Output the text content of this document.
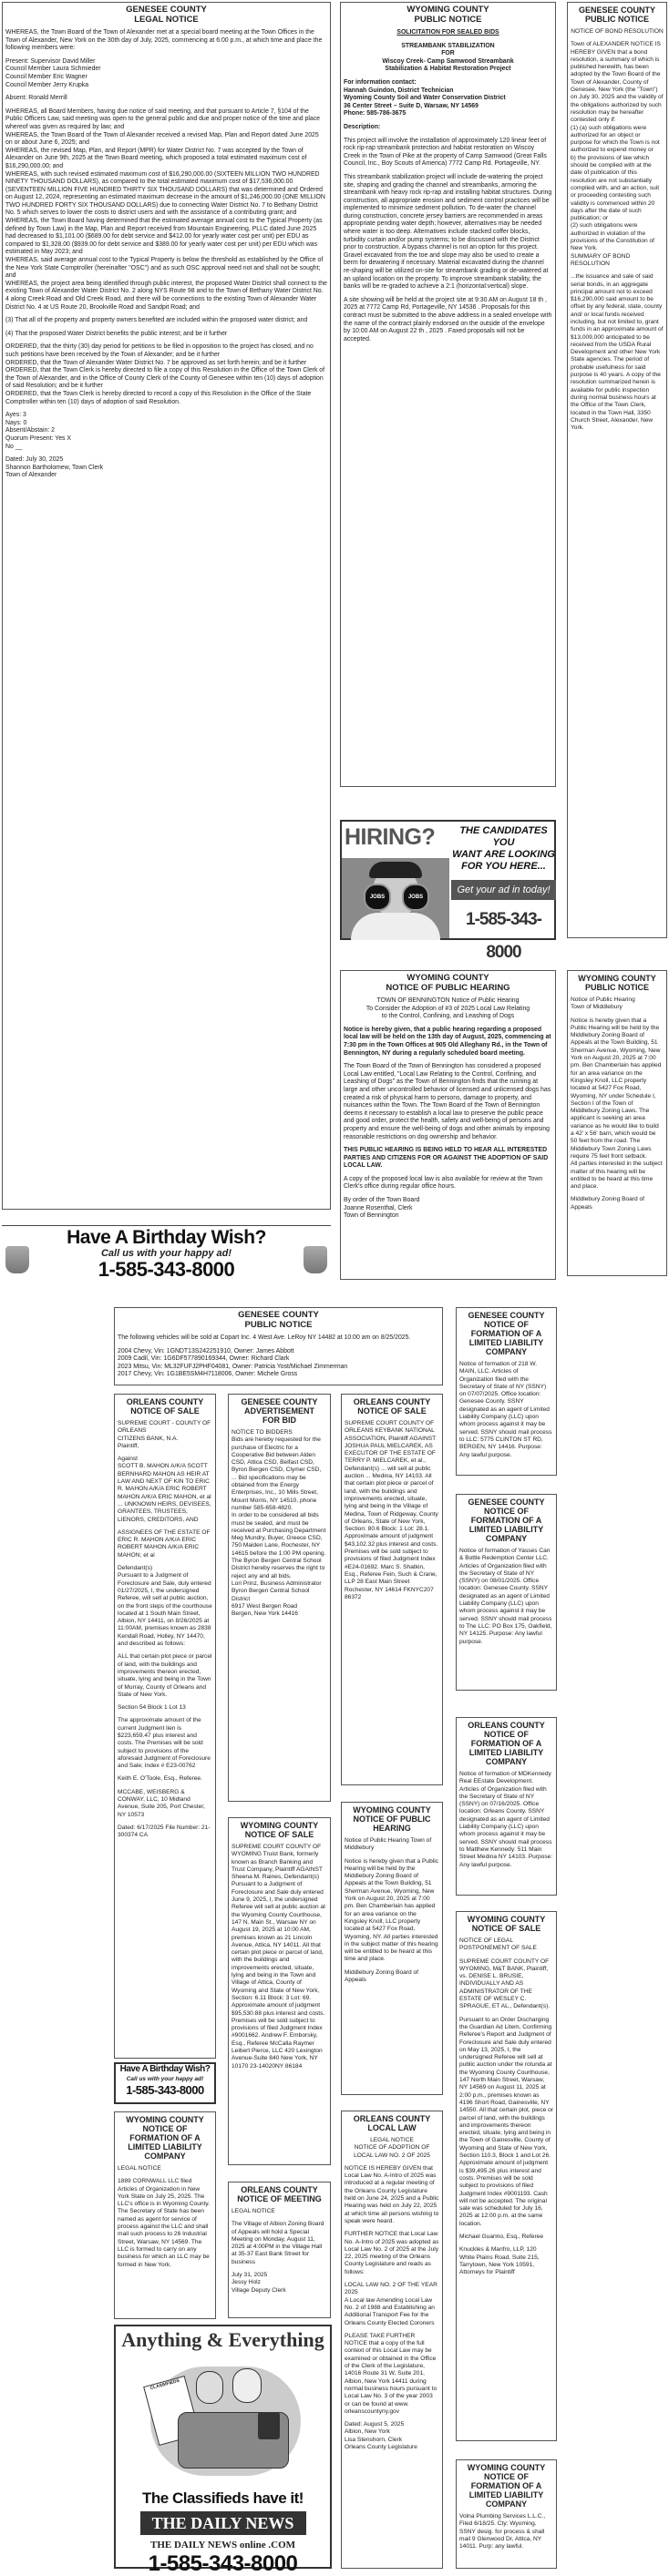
GENESEE COUNTY
LEGAL NOTICE
WHEREAS, the Town Board of the Town of Alexander met at a special board meeting at the Town Offices in the Town of Alexander, New York on the 30th day of July, 2025, commencing at 6:00 p.m., at which time and place the following members were:
Present: Supervisor David Miller
Council Member Laura Schmieder
Council Member Eric Wagner
Council Member Jerry Krupka
Absent: Ronald Merrill
WHEREAS, all Board Members, having due notice of said meeting, and that pursuant to Article 7, §104 of the Public Officers Law, said meeting was open to the general public and due and proper notice of the time and place whereof was given as required by law; and
WHEREAS, the Town Board of the Town of Alexander received a revised Map, Plan and Report dated June 2025 on or about June 6, 2025; and
WHEREAS, the revised Map, Plan, and Report (MPR) for Water District No. 7 was accepted by the Town of Alexander on June 9th, 2025 at the Town Board meeting, which proposed a total estimated maximum cost of $16,290,000.00; and
WHEREAS, with such revised estimated maximum cost of $16,290,000.00 (SIXTEEN MILLION TWO HUNDRED NINETY THOUSAND DOLLARS), as compared to the total estimated maximum cost of $17,536,000.00 (SEVENTEEN MILLION FIVE HUNDRED THIRTY SIX THOUSAND DOLLARS) that was determined and Ordered on August 12, 2024, representing an estimated maximum decrease in the amount of $1,246,000.00 (ONE MILLION TWO HUNDRED FORTY SIX THOUSAND DOLLARS) due to connecting Water District No. 7 to Bethany District No. 5 which serves to lower the costs to district users and with the assistance of a contributing grant; and
WHEREAS, the Town Board having determined that the estimated average annual cost to the Typical Property (as defined by Town Law) in the Map, Plan and Report received from Mountain Engineering, PLLC dated June 2025 had decreased to $1,101.00 ($689.00 for debt service and $412.00 for yearly water cost per unit) per EDU as compared to $1,328.00 ($939.00 for debt service and $389.00 for yearly water cost per unit) per EDU which was estimated in May 2023; and
WHEREAS, said average annual cost to the Typical Property is below the threshold as established by the Office of the New York State Comptroller (hereinafter "OSC") and as such OSC approval need not and shall not be sought; and
WHEREAS, the project area being identified through public interest, the proposed Water District shall connect to the existing Town of Alexander Water District No. 2 along NYS Route 98 and to the Town of Bethany Water District No. 4 along Creek Road and Old Creek Road, and there will be connections to the existing Town of Alexander Water District No. 4 at US Route 20, Brookville Road and Sandpit Road; and
(3) That all of the property and property owners benefited are included within the proposed water district; and
(4) That the proposed Water District benefits the public interest; and be it further
ORDERED, that the thirty (30) day period for petitions to be filed in opposition to the project has closed, and no such petitions have been received by the Town of Alexander; and be it further
ORDERED, that the Town of Alexander Water District No. 7 be approved as set forth herein; and be it further
ORDERED, that the Town Clerk is hereby directed to file a copy of this Resolution in the Office of the Town Clerk of the Town of Alexander, and in the Office of County Clerk of the County of Genesee within ten (10) days of adoption of said Resolution; and be it further
ORDERED, that the Town Clerk is hereby directed to record a copy of this Resolution in the Office of the State Comptroller within ten (10) days of adoption of said Resolution.
Ayes: 3
Nays: 0
Absent/Abstain: 2
Quorum Present: Yes X
No __
Dated: July 30, 2025
Shannon Bartholomew, Town Clerk
Town of Alexander
WYOMING COUNTY
PUBLIC NOTICE
SOLICITATION FOR SEALED BIDS
STREAMBANK STABILIZATION
FOR
Wiscoy Creek- Camp Samwood Streambank
Stabilization & Habitat Restoration Project
For information contact:
Hannah Guindon, District Technician
Wyoming County Soil and Water Conservation District
36 Center Street – Suite D, Warsaw, NY 14569
Phone: 585-786-3675
Description:
This project will involve the installation of approximately 120 linear feet of rock rip-rap streambank protection and habitat restoration on Wiscoy Creek in the Town of Pike at the property of Camp Samwood (Great Falls Council, Inc., Boy Scouts of America) 7772 Camp Rd. Portageville, NY.
This streambank stabilization project will include de-watering the project site, shaping and grading the channel and streambanks, armoring the streambank with heavy rock rip-rap and installing habitat structures. During construction, all appropriate erosion and sediment control practices will be implemented to minimize sediment pollution. To de-water the channel during construction, concrete jersey barriers are recommended in areas appropriate pending water depth; however, alternatives may be needed where water is too deep. Alternatives include stacked coffer blocks, turbidity curtain and/or pump systems; to be discussed with the District prior to construction. A bypass channel is not an option for this project. Gravel excavated from the toe and slope may also be used to create a berm for dewatering if necessary. Material excavated during the channel re-shaping will be utilized on-site for streambank grading or de-watered at an upland location on the property. To improve streambank stability, the banks will be re-graded to achieve a 2:1 (horizontal:vertical) slope.
A site showing will be held at the project site at 9:30 AM on August 18 th , 2025 at 7772 Camp Rd, Portageville, NY 14536 . Proposals for this contract must be submitted to the above address in a sealed envelope with the name of the contract plainly endorsed on the outside of the envelope by 10:00 AM on August 22 th , 2025 . Faxed proposals will not be accepted.
GENESEE COUNTY
PUBLIC NOTICE
NOTICE OF BOND RESOLUTION
Town of ALEXANDER NOTICE IS HEREBY GIVEN that a bond resolution, a summary of which is published herewith, has been adopted by the Town Board of the Town of Alexander, County of Genesee, New York (the "Town") on July 30, 2025 and the validity of the obligations authorized by such resolution may be hereafter contested only if:
(1) (a) such obligations were authorized for an object or purpose for which the Town is not authorized to expend money or
b) the provisions of law which should be complied with at the date of publication of this resolution are not substantially complied with, and an action, suit or proceeding contesting such validity is commenced within 20 days after the date of such publication; or
(2) such obligations were authorized in violation of the provisions of the Constitution of New York.
SUMMARY OF BOND RESOLUTION
...the issuance and sale of said serial bonds, in an aggregate principal amount not to exceed $16,290,000 said amount to be offset by any federal, state, county and/ or local funds received including, but not limited to, grant funds in an approximate amount of $13,009,000 anticipated to be received from the USDA Rural Development and other New York State agencies. The period of probable usefulness for said purpose is 40 years. A copy of the resolution summarized herein is available for public inspection during normal business hours at the Office of the Town Clerk, located in the Town Hall, 3350 Church Street, Alexander, New York.
WYOMING COUNTY
NOTICE OF PUBLIC HEARING
TOWN OF BENNINGTON Notice of Public Hearing
To Consider the Adoption of #3 of 2025 Local Law Relating
to the Control, Confining, and Leashing of Dogs
Notice is hereby given, that a public hearing regarding a proposed local law will be held on the 13th day of August, 2025, commencing at 7:30 pm in the Town Offices at 905 Old Alleghany Rd., in the Town of Bennington, NY during a regularly scheduled board meeting.
The Town Board of the Town of Bennington has considered a proposed Local Law entitled, "Local Law Relating to the Control, Confining, and Leashing of Dogs" as the Town of Bennington finds that the running at large and other uncontrolled behavior of licensed and unlicensed dogs has created a risk of physical harm to persons, damage to property, and nuisances within the Town. The Town Board of the Town of Bennington deems it necessary to establish a local law to preserve the public peace and good order, protect the health, safety and well-being of persons and property and ensure the well-being of dogs and other animals by imposing reasonable restrictions on dog ownership and behavior.
THIS PUBLIC HEARING IS BEING HELD TO HEAR ALL INTERESTED PARTIES AND CITIZENS FOR OR AGAINST THE ADOPTION OF SAID LOCAL LAW.
A copy of the proposed local law is also available for review at the Town Clerk's office during regular office hours.
By order of the Town Board
Joanne Rosenthal, Clerk
Town of Bennington
WYOMING COUNTY
PUBLIC NOTICE
Notice of Public Hearing
Town of Middlebury
Notice is hereby given that a Public Hearing will be held by the Middlebury Zoning Board of Appeals at the Town Building, 51 Sherman Avenue, Wyoming, New York on August 20, 2025 at 7:00 pm. Ben Chamberlain has applied for an area variance on the Kingsley Knoll, LLC property located at 5427 Fox Road, Wyoming, NY under Schedule I, Section I of the Town of Middlebury Zoning Laws. The applicant is seeking an area variance as he would like to build a 42' x 56' barn, which would be 50 feet from the road. The Middlebury Town Zoning Laws require 75 feet front setback.
All parties interested in the subject matter of this hearing will be entitled to be heard at this time and place.
Middlebury Zoning Board of Appeals
GENESEE COUNTY
PUBLIC NOTICE
The following vehicles will be sold at Copart Inc. 4 West Ave. LeRoy NY 14482 at 10:00 am on 8/25/2025.
2004 Chevy, Vin: 1GNDT13S242251910, Owner: James Abbott
2009 Cadil, Vin: 1G6DF577890169344, Owner: Richard Clark
2023 Mitsu, Vin: ML32FUFJ2PHF04081, Owner: Patricia Yost/Michael Zimmerman
2017 Chevy, Vin: 1G1BE5SM4H7118006, Owner: Michele Gross
GENESEE COUNTY
NOTICE OF
FORMATION OF A
LIMITED LIABILITY
COMPANY
Notice of formation of 218 W. MAIN, LLC. Articles of Organization filed with the Secretary of State of NY (SSNY) on 07/07/2025. Office location: Genesee County. SSNY designated as an agent of Limited Liability Company (LLC) upon whom process against it may be served. SSNY should mail process to LLC: 5775 CLINTON ST RD, BERGEN, NY 14416. Purpose: Any lawful purpose.
ORLEANS COUNTY
NOTICE OF SALE
SUPREME COURT - COUNTY OF ORLEANS
CITIZENS BANK, N.A.
Plaintiff,
Against
SCOTT B. MAHON A/K/A SCOTT BERNHARD MAHON AS HEIR AT LAW AND NEXT OF KIN TO ERIC R. MAHON A/K/A ERIC ROBERT MAHON A/K/A ERIC MAHON, et al ... UNKNOWN HEIRS, DEVISEES, GRANTEES, TRUSTEES, LIENORS, CREDITORS, AND
ASSIGNEES OF THE ESTATE OF ERIC R. MAHON A/K/A ERIC ROBERT MAHON A/K/A ERIC MAHON; et al
Defendant(s)
Pursuant to a Judgment of Foreclosure and Sale, duly entered 01/27/2025, I, the undersigned Referee, will sell at public auction, on the front steps of the courthouse located at 1 South Main Street, Albion, NY 14411, on 8/26/2025 at 11:00AM, premises known as 2838 Kendall Road, Holley, NY 14470, and described as follows:
ALL that certain plot piece or parcel of land, with the buildings and improvements thereon erected, situate, lying and being in the Town of Murray, County of Orleans and State of New York.
Section 54 Block 1 Lot 13
The approximate amount of the current Judgment lien is $223,659.47 plus interest and costs. The Premises will be sold subject to provisions of the aforesaid Judgment of Foreclosure and Sale; Index # E23-00762
Keith E. O'Toole, Esq., Referee.
MCCABE, WEISBERG & CONWAY, LLC, 10 Midland Avenue, Suite 205, Port Chester, NY 10573
Dated: 6/17/2025 File Number: 21-300374 CA
GENESEE COUNTY
ADVERTISEMENT
FOR BID
NOTICE TO BIDDERS
Bids are hereby requested for the purchase of Electric for a Cooperative Bid between Alden CSD, Attica CSD, Belfast CSD, Byron Bergen CSD, Clymer CSD, ... Bid specifications may be obtained from the Energy Enterprises, Inc., 10 Mills Street, Mount Morris, NY 14510, phone number 585-658-4820.
In order to be considered all bids must be sealed, and must be received at Purchasing Department Meg Mundry, Buyer, Greece CSD, 750 Maiden Lane, Rochester, NY 14615 before the 1:00 PM opening. The Byron Bergen Central School District hereby reserves the right to reject any and all bids.
Lori Prinz, Business Administrator
Byron Bergen Central School District
6917 West Bergen Road
Bergen, New York 14416
ORLEANS COUNTY
NOTICE OF SALE
SUPREME COURT COUNTY OF ORLEANS KEYBANK NATIONAL ASSOCIATION, Plaintiff AGAINST JOSHUA PAUL MIELCAREK, AS EXECUTOR OF THE ESTATE OF TERRY P. MIELCAREK, et al., Defendant(s) ... will sell at public auction ... Medina, NY 14103. All that certain plot piece or parcel of land, with the buildings and improvements erected, situate, lying and being in the Village of Medina, Town of Ridgeway, County of Orleans, State of New York, Section: 80.6 Block: 1 Lot: 28.1. Approximate amount of judgment $43,102.32 plus interest and costs. Premises will be sold subject to provisions of filed Judgment Index #E24-01692. Marc S. Shatkin, Esq., Referee Fein, Such & Crane, LLP 28 East Main Street Rochester, NY 14614 FKNYC207 86372
GENESEE COUNTY
NOTICE OF
FORMATION OF A
LIMITED LIABILITY
COMPANY
Notice of formation of Yasses Can & Bottle Redemption Center LLC. Articles of Organization filed with the Secretary of State of NY (SSNY) on 08/01/2025. Office location: Genesee County. SSNY designated as an agent of Limited Liability Company (LLC) upon whom process against it may be served. SSNY should mail process to The LLC: PO Box 175, Oakfield, NY 14125. Purpose: Any lawful purpose.
ORLEANS COUNTY
NOTICE OF
FORMATION OF A
LIMITED LIABILITY
COMPANY
Notice of formation of MDKennedy Real EEstate Development. Articles of Organization filed with the Secretary of State of NY (SSNY) on 07/16/2025. Office location: Orleans County. SSNY designated as an agent of Limited Liability Company (LLC) upon whom process against it may be served. SSNY should mail process to Matthew Kennedy: 511 Main Street Medina NY 14103. Purpose: Any lawful purpose.
WYOMING COUNTY
NOTICE OF PUBLIC
HEARING
Notice of Public Hearing Town of Middlebury
Notice is hereby given that a Public Hearing will be held by the Middlebury Zoning Board of Appeals at the Town Building, 51 Sherman Avenue, Wyoming, New York on August 20, 2025 at 7:00 pm. Ben Chamberlain has applied for an area variance on the Kingsley Knoll, LLC property located at 5427 Fox Road, Wyoming, NY. All parties interested in the subject matter of this hearing will be entitled to be heard at this time and place.
Middlebury Zoning Board of Appeals
WYOMING COUNTY
NOTICE OF SALE
SUPREME COURT COUNTY OF WYOMING Truist Bank, formerly known as Branch Banking and Trust Company, Plaintiff AGAINST Sheena M. Raines, Defendant(s) Pursuant to a Judgment of Foreclosure and Sale duly entered June 9, 2025, I, the undersigned Referee will sell at public auction at the Wyoming County Courthouse, 147 N. Main St., Warsaw NY on August 19, 2025 at 10:00 AM, premises known as 21 Lincoln Avenue, Attica, NY 14011. All that certain plot piece or parcel of land, with the buildings and improvements erected, situate, lying and being in the Town and Village of Attica, County of Wyoming and State of New York, Section: 6.11 Block: 3 Lot: 69. Approximate amount of judgment $95,530.88 plus interest and costs. Premises will be sold subject to provisions of filed Judgment Index #9001662. Andrew F. Emborsky, Esq., Referee McCalla Raymer Leibert Pierce, LLC 420 Lexington Avenue-Suite 840 New York, NY 10170 23-14020NY 86184
WYOMING COUNTY
NOTICE OF SALE
NOTICE OF LEGAL POSTPONEMENT OF SALE
SUPREME COURT COUNTY OF WYOMING, M&T BANK, Plaintiff, vs. DENISE L. BRUSIE, INDIVIDUALLY AND AS ADMINISTRATOR OF THE ESTATE OF WESLEY C. SPRAGUE, ET AL., Defendant(s).
Pursuant to an Order Discharging the Guardian Ad Litem, Confirming Referee's Report and Judgment of Foreclosure and Sale duly entered on May 13, 2025, I, the undersigned Referee will sell at public auction under the rotunda at the Wyoming County Courthouse, 147 North Main Street, Warsaw, NY 14569 on August 11, 2025 at 2:00 p.m., premises known as 4196 Short Road, Gainesville, NY 14550. All that certain plot, piece or parcel of land, with the buildings and improvements thereon erected, situate, lying and being in the Town of Gainesville, County of Wyoming and State of New York, Section 110.3, Block 1 and Lot 26. Approximate amount of judgment is $39,495.26 plus interest and costs. Premises will be sold subject to provisions of filed Judgment Index #9001193. Cash will not be accepted. The original sale was scheduled for July 16, 2025 at 12:00 p.m. at the same location.
Michael Guarino, Esq., Referee
Knuckles & Manfro, LLP, 120 White Plains Road, Suite 215, Tarrytown, New York 10591, Attorneys for Plaintiff
ORLEANS COUNTY
LOCAL LAW
LEGAL NOTICE
NOTICE OF ADOPTION OF LOCAL LAW NO. 2 OF 2025
NOTICE IS HEREBY GIVEN that Local Law No. A-Intro of 2025 was introduced at a regular meeting of the Orleans County Legislature held on June 24, 2025 and a Public Hearing was held on July 22, 2025 at which time all persons wishing to speak were heard.
FURTHER NOTICE that Local Law No. A-Intro of 2025 was adopted as Local Law No. 2 of 2025 at the July 22, 2025 meeting of the Orleans County Legislature and reads as follows:
LOCAL LAW NO. 2 OF THE YEAR 2025
A Local law Amending Local Law No. 2 of 1988 and Establishing an Additional Transport Fee for the Orleans County Elected Coroners
PLEASE TAKE FURTHER NOTICE that a copy of the full context of this Local Law may be examined or obtained in the Office of the Clerk of the Legislature, 14016 Route 31 W, Suite 201, Albion, New York 14411 during normal business hours pursuant to Local Law No. 3 of the year 2003 or can be found at www. orleanscountyny.gov
Dated: August 5, 2025
Albion, New York
Lisa Stenshorn, Clerk
Orleans County Legislature
WYOMING COUNTY
NOTICE OF
FORMATION OF A
LIMITED LIABILITY
COMPANY
LEGAL NOTICE
1889 CORNWALL LLC filed Articles of Organization in New York State on July 25, 2025. The LLC's office is in Wyoming County. The Secretary of State has been named as agent for service of process against the LLC and shall mail such process to 26 Industrial Street, Warsaw, NY 14569. The LLC is formed to carry on any business for which an LLC may be formed in New York.
ORLEANS COUNTY
NOTICE OF MEETING
LEGAL NOTICE
The Village of Albion Zoning Board of Appeals will hold a Special Meeting on Monday, August 11, 2025 at 4:00PM in the Village Hall at 35-37 East Bank Street for business
July 31, 2025
Jessy Holz
Village Deputy Clerk
WYOMING COUNTY
NOTICE OF
FORMATION OF A
LIMITED LIABILITY
COMPANY
Volna Plumbing Services L.L.C., Filed 6/18/25. Cty: Wyoming. SSNY desig. for process & shall mail 9 Glenwood Dr, Attica, NY 14011. Purp: any lawful.
Have A Birthday Wish?
Call us with your happy ad!
1-585-343-8000
HIRING?
JOBS	JOBS
THE CANDIDATES YOU
WANT ARE LOOKING
FOR YOU HERE...
Get your ad in today!
1-585-343-8000
Have A Birthday Wish?
Call us with your happy ad!
1-585-343-8000
Anything & Everything
CLASSIFIEDS
The Classifieds have it!
THE DAILY NEWS
THE DAILY NEWS online .COM
1-585-343-8000
